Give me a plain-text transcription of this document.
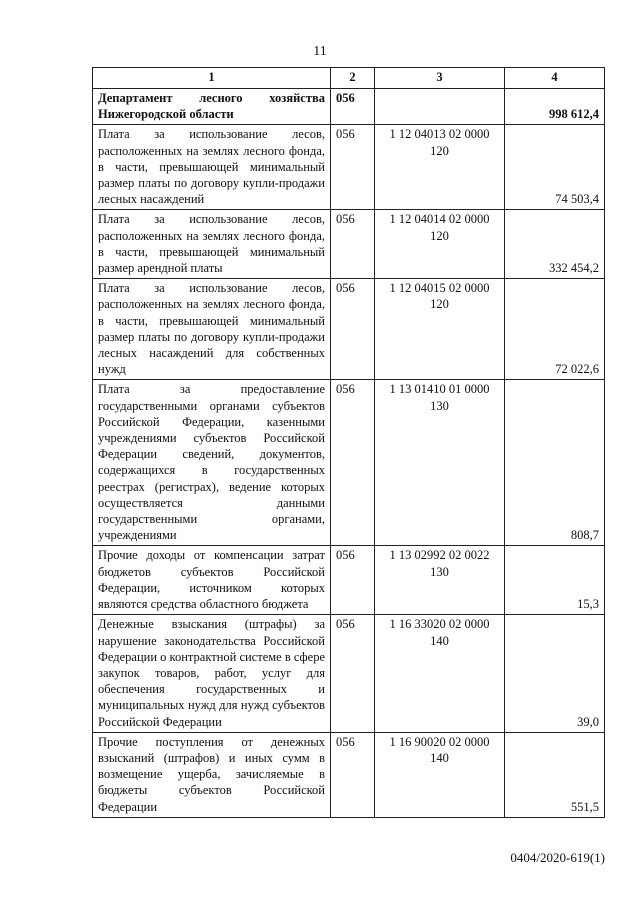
11
1	2	3	4
Департамент лесного хозяйства Нижегородской области	056		998 612,4
Плата за использование лесов, расположенных на землях лесного фонда, в части, превышающей минимальный размер платы по договору купли-продажи лесных насаждений	056	1 12 04013 02 0000 120	74 503,4
Плата за использование лесов, расположенных на землях лесного фонда, в части, превышающей минимальный размер арендной платы	056	1 12 04014 02 0000 120	332 454,2
Плата за использование лесов, расположенных на землях лесного фонда, в части, превышающей минимальный размер платы по договору купли-продажи лесных насаждений для собственных нужд	056	1 12 04015 02 0000 120	72 022,6
Плата за предоставление государственными органами субъектов Российской Федерации, казенными учреждениями субъектов Российской Федерации сведений, документов, содержащихся в государственных реестрах (регистрах), ведение которых осуществляется данными государственными органами, учреждениями	056	1 13 01410 01 0000 130	808,7
Прочие доходы от компенсации затрат бюджетов субъектов Российской Федерации, источником которых являются средства областного бюджета	056	1 13 02992 02 0022 130	15,3
Денежные взыскания (штрафы) за нарушение законодательства Российской Федерации о контрактной системе в сфере закупок товаров, работ, услуг для обеспечения государственных и муниципальных нужд для нужд субъектов Российской Федерации	056	1 16 33020 02 0000 140	39,0
Прочие поступления от денежных взысканий (штрафов) и иных сумм в возмещение ущерба, зачисляемые в бюджеты субъектов Российской Федерации	056	1 16 90020 02 0000 140	551,5
0404/2020-619(1)
